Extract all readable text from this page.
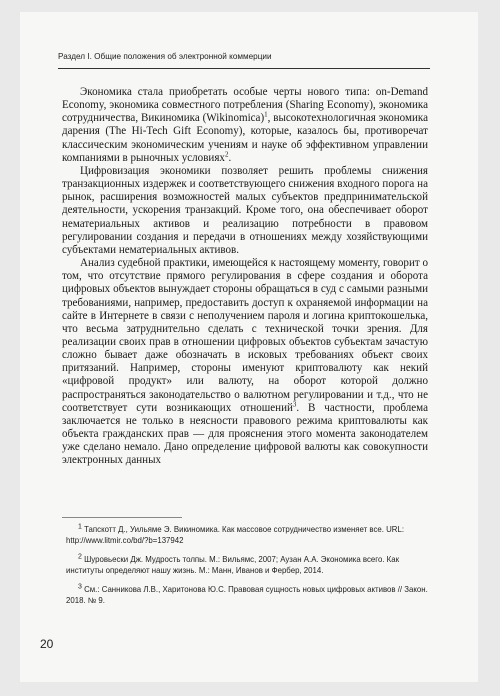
Раздел I. Общие положения об электронной коммерции

Экономика стала приобретать особые черты нового типа: on-Demand Economy, экономика совместного потребления (Sharing Economy), экономика сотрудничества, Викиномика (Wikinomica)$^1$, высокотехнологичная экономика дарения (The Hi-Tech Gift Economy), которые, казалось бы, противоречат классическим экономическим учениям и науке об эффективном управлении компаниями в рыночных условиях$^2$.

Цифровизация экономики позволяет решить проблемы снижения транзакционных издержек и соответствующего снижения входного порога на рынок, расширения возможностей малых субъектов предпринимательской деятельности, ускорения транзакций. Кроме того, она обеспечивает оборот нематериальных активов и реализацию потребности в правовом регулировании создания и передачи в отношениях между хозяйствующими субъектами нематериальных активов.

Анализ судебной практики, имеющейся к настоящему моменту, говорит о том, что отсутствие прямого регулирования в сфере создания и оборота цифровых объектов вынуждает стороны обращаться в суд с самыми разными требованиями, например, предоставить доступ к охраняемой информации на сайте в Интернете в связи с неполучением пароля и логина криптокошелька, что весьма затруднительно сделать с технической точки зрения. Для реализации своих прав в отношении цифровых объектов субъектам зачастую сложно бывает даже обозначать в исковых требованиях объект своих притязаний. Например, стороны именуют криптовалюту как некий «цифровой продукт» или валюту, на оборот которой должно распространяться законодательство о валютном регулировании и т.д., что не соответствует сути возникающих отношений$^3$. В частности, проблема заключается не только в неясности правового режима криптовалюты как объекта гражданских прав — для прояснения этого момента законодателем уже сделано немало. Дано определение цифровой валюты как совокупности электронных данных

1 Тапскотт Д., Уильяме Э. Викиномика. Как массовое сотрудничество изменяет все. URL: http://www.litmir.co/bd/?b=137942

2 Шуровьески Дж. Мудрость толпы. М.: Вильямс, 2007; Аузан А.А. Экономика всего. Как институты определяют нашу жизнь. М.: Манн, Иванов и Фербер, 2014.

3 См.: Санникова Л.В., Харитонова Ю.С. Правовая сущность новых цифровых активов // Закон. 2018. № 9.

20
